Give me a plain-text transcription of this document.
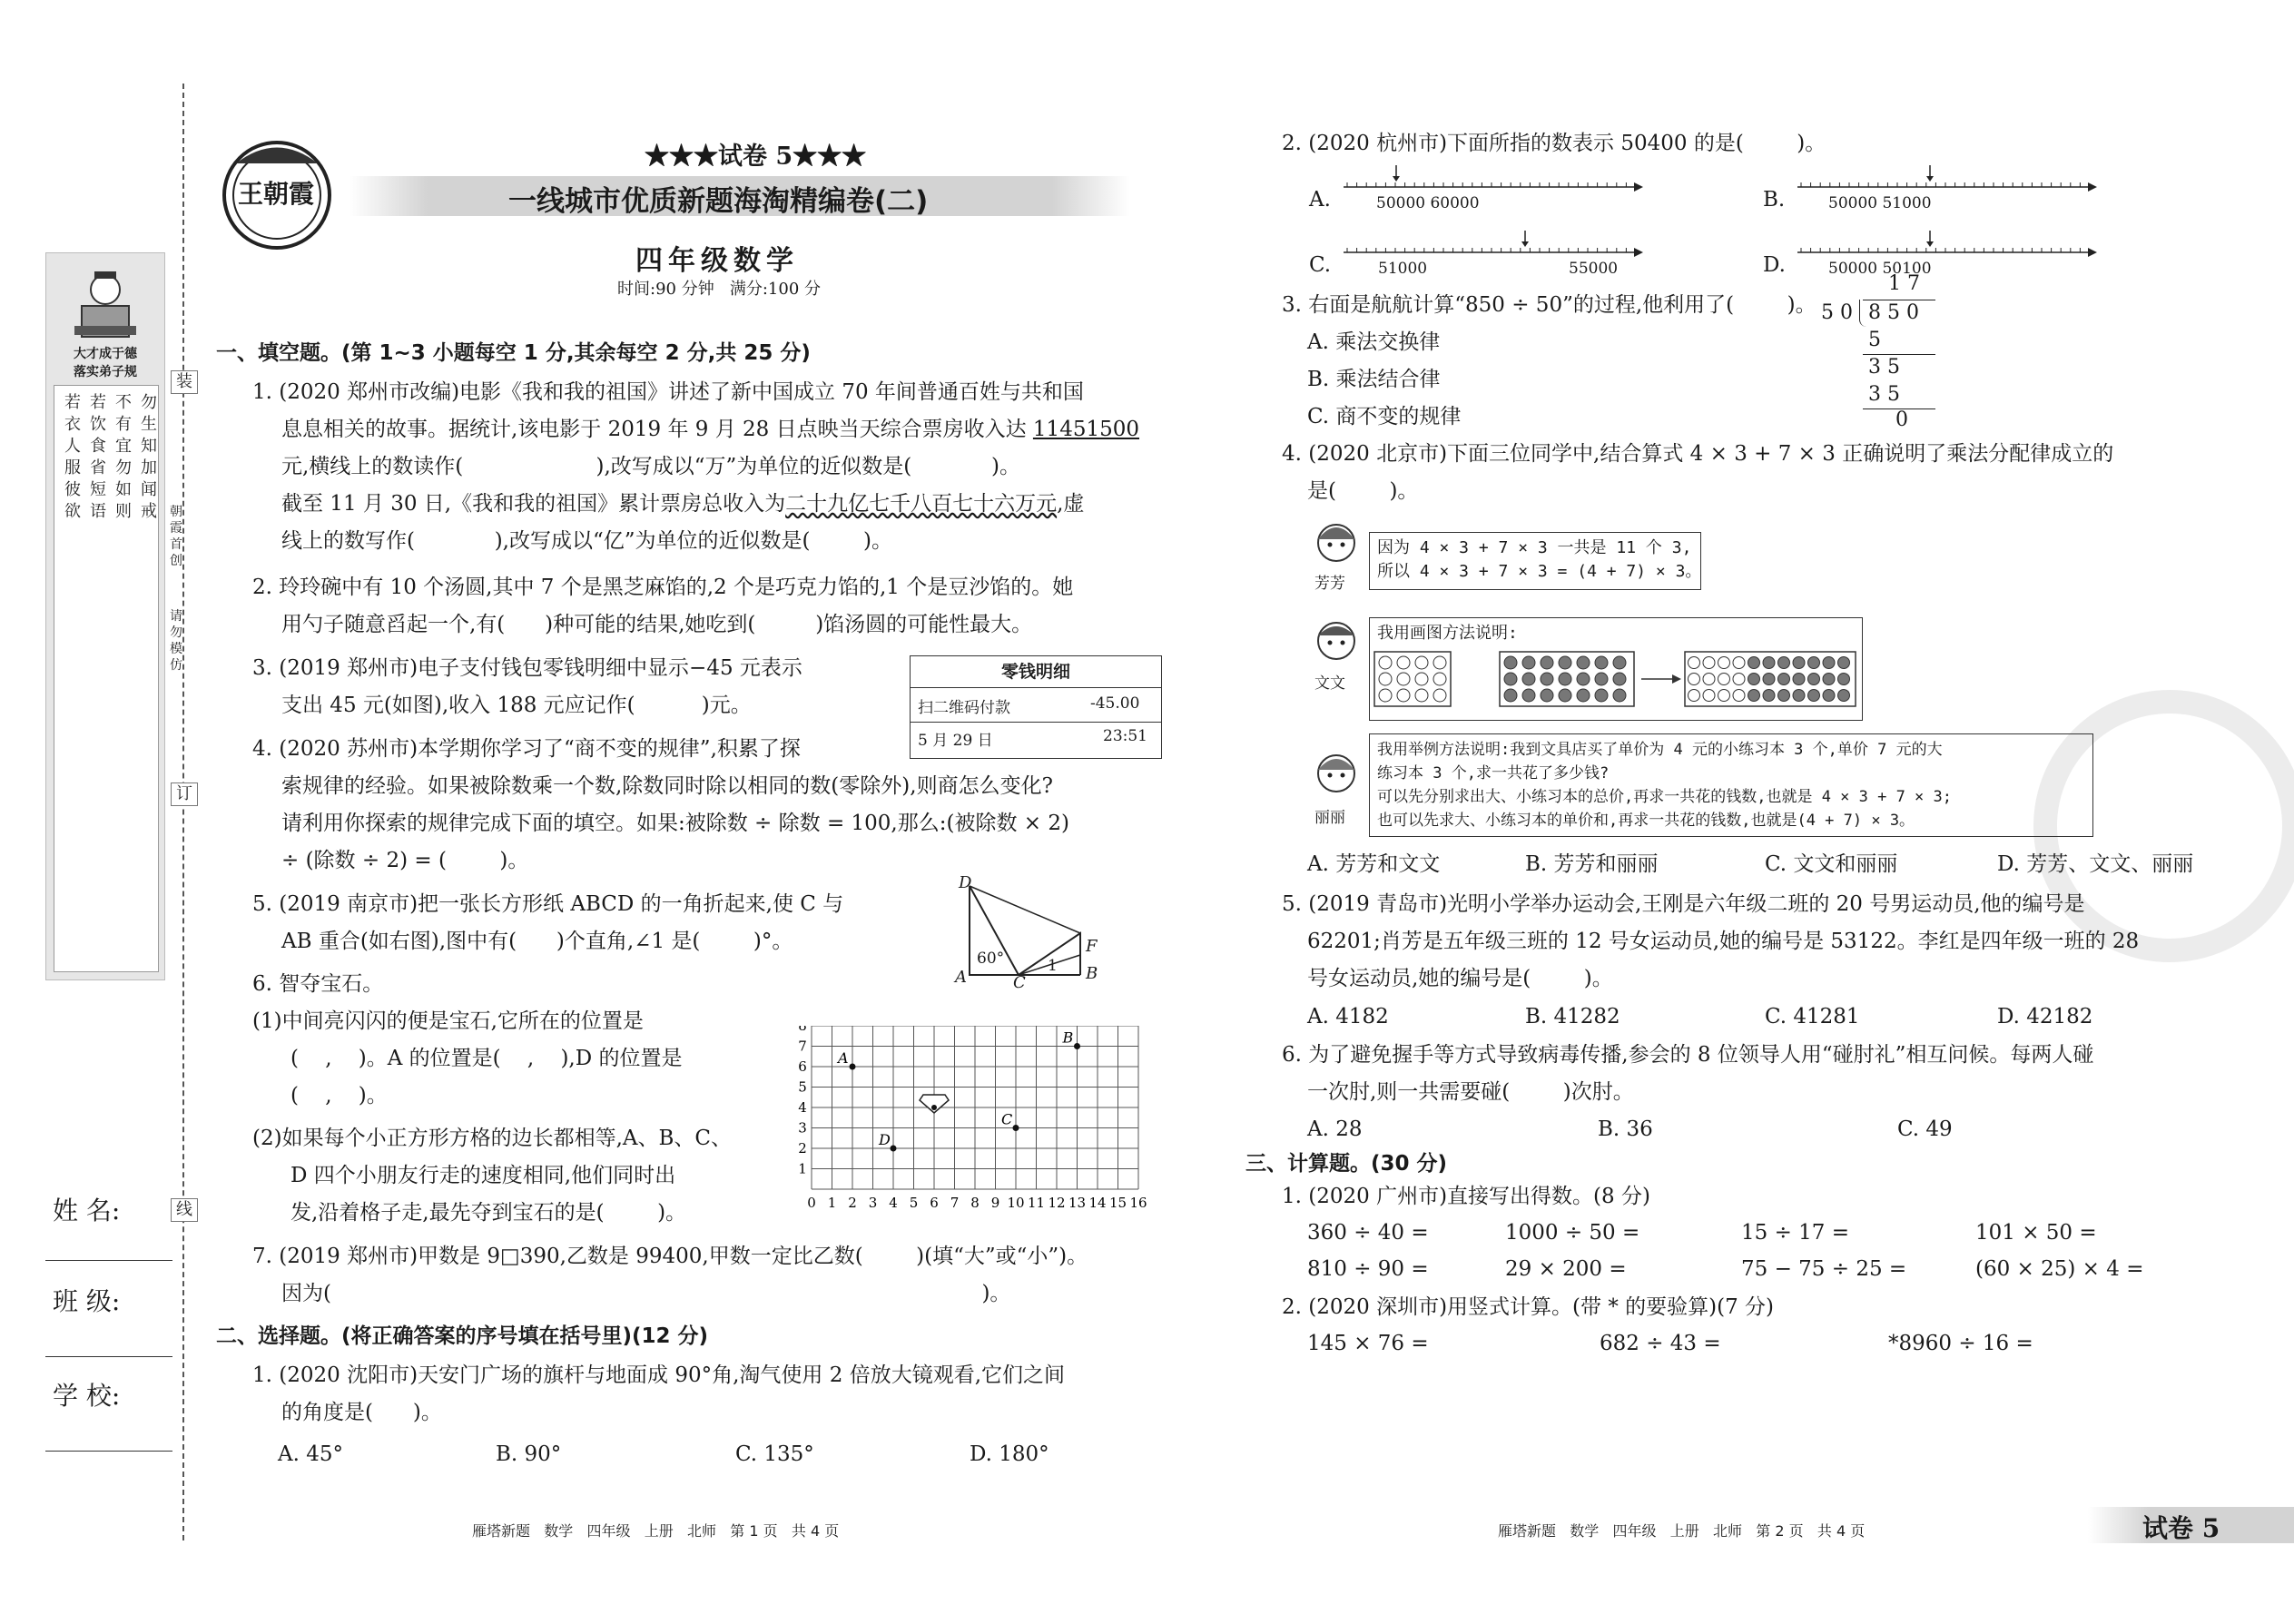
大才成于德
落实弟子规
若
衣
人
服
彼
欲
若
饮
食
省
短
语
不
有
宜
勿
如
则
勿
生
知
加
闻
戒
装
订
线
朝
霞
首
创
请
勿
模
仿
姓 名:
班 级:
学 校:
王朝霞
★★★试卷 5★★★
一线城市优质新题海淘精编卷(二)
四年级数学
时间:90 分钟   满分:100 分
一、填空题。(第 1~3 小题每空 1 分,其余每空 2 分,共 25 分)
1. (2020 郑州市改编)电影《我和我的祖国》讲述了新中国成立 70 年间普通百姓与共和国
息息相关的故事。据统计,该电影于 2019 年 9 月 28 日点映当天综合票房收入达 11451500
元,横线上的数读作(                    ),改写成以“万”为单位的近似数是(            )。
截至 11 月 30 日,《我和我的祖国》累计票房总收入为二十九亿七千八百七十六万元,虚
线上的数写作(            ),改写成以“亿”为单位的近似数是(        )。
2. 玲玲碗中有 10 个汤圆,其中 7 个是黑芝麻馅的,2 个是巧克力馅的,1 个是豆沙馅的。她
用勺子随意舀起一个,有(      )种可能的结果,她吃到(         )馅汤圆的可能性最大。
3. (2019 郑州市)电子支付钱包零钱明细中显示−45 元表示
支出 45 元(如图),收入 188 元应记作(          )元。
零钱明细
扫二维码付款	-45.00
5 月 29 日	23:51
4. (2020 苏州市)本学期你学习了“商不变的规律”,积累了探
索规律的经验。如果被除数乘一个数,除数同时除以相同的数(零除外),则商怎么变化?
请利用你探索的规律完成下面的填空。如果:被除数 ÷ 除数 = 100,那么:(被除数 × 2)
÷ (除数 ÷ 2) = (        )。
5. (2019 南京市)把一张长方形纸 ABCD 的一角折起来,使 C 与
AB 重合(如右图),图中有(      )个直角,∠1 是(        )°。
D
A	C	B
F
60°	1
6. 智夺宝石。
(1)中间亮闪闪的便是宝石,它所在的位置是
(    ,    )。A 的位置是(    ,    ),D 的位置是
(    ,    )。
(2)如果每个小正方形方格的边长都相等,A、B、C、
D 四个小朋友行走的速度相同,他们同时出
发,沿着格子走,最先夺到宝石的是(        )。	0 1 2 3 4 5 6 7 8 9 10 11 12 13 14 15 16
1
2
3
4
5
6
7
8
A
B
C
D
7. (2019 郑州市)甲数是 9□390,乙数是 99400,甲数一定比乙数(        )(填“大”或“小”)。
因为(                                                                                                  )。
二、选择题。(将正确答案的序号填在括号里)(12 分)
1. (2020 沈阳市)天安门广场的旗杆与地面成 90°角,淘气使用 2 倍放大镜观看,它们之间
的角度是(      )。
A. 45°	B. 90°	C. 135°	D. 180°
雁塔新题   数学   四年级   上册   北师   第 1 页   共 4 页
2. (2020 杭州市)下面所指的数表示 50400 的是(        )。
A.	B.
C.	D.
50000 60000	50000 51000
51000	55000	50000 50100
3. 右面是航航计算“850 ÷ 50”的过程,他利用了(        )。
A. 乘法交换律
B. 乘法结合律
C. 商不变的规律
1 7
5 0 8 5 0
5
3 5
3 5
0
4. (2020 北京市)下面三位同学中,结合算式 4 × 3 + 7 × 3 正确说明了乘法分配律成立的
是(        )。
芳芳
因为 4 × 3 + 7 × 3 一共是 11 个 3,
所以 4 × 3 + 7 × 3 = (4 + 7) × 3。
文文
我用画图方法说明:
丽丽
我用举例方法说明:我到文具店买了单价为 4 元的小练习本 3 个,单价 7 元的大
练习本 3 个,求一共花了多少钱?
可以先分别求出大、小练习本的总价,再求一共花的钱数,也就是 4 × 3 + 7 × 3;
也可以先求大、小练习本的单价和,再求一共花的钱数,也就是(4 + 7) × 3。
A. 芳芳和文文	B. 芳芳和丽丽	C. 文文和丽丽	D. 芳芳、文文、丽丽
5. (2019 青岛市)光明小学举办运动会,王刚是六年级二班的 20 号男运动员,他的编号是
62201;肖芳是五年级三班的 12 号女运动员,她的编号是 53122。李红是四年级一班的 28
号女运动员,她的编号是(        )。
A. 4182	B. 41282	C. 41281	D. 42182
6. 为了避免握手等方式导致病毒传播,参会的 8 位领导人用“碰肘礼”相互问候。每两人碰
一次肘,则一共需要碰(        )次肘。
A. 28	B. 36	C. 49
三、计算题。(30 分)
1. (2020 广州市)直接写出得数。(8 分)
360 ÷ 40 =	1000 ÷ 50 =	15 ÷ 17 =	101 × 50 =
810 ÷ 90 =	29 × 200 =	75 − 75 ÷ 25 =	(60 × 25) × 4 =
2. (2020 深圳市)用竖式计算。(带 * 的要验算)(7 分)
145 × 76 =	682 ÷ 43 =	*8960 ÷ 16 =
雁塔新题   数学   四年级   上册   北师   第 2 页   共 4 页	试卷 5
